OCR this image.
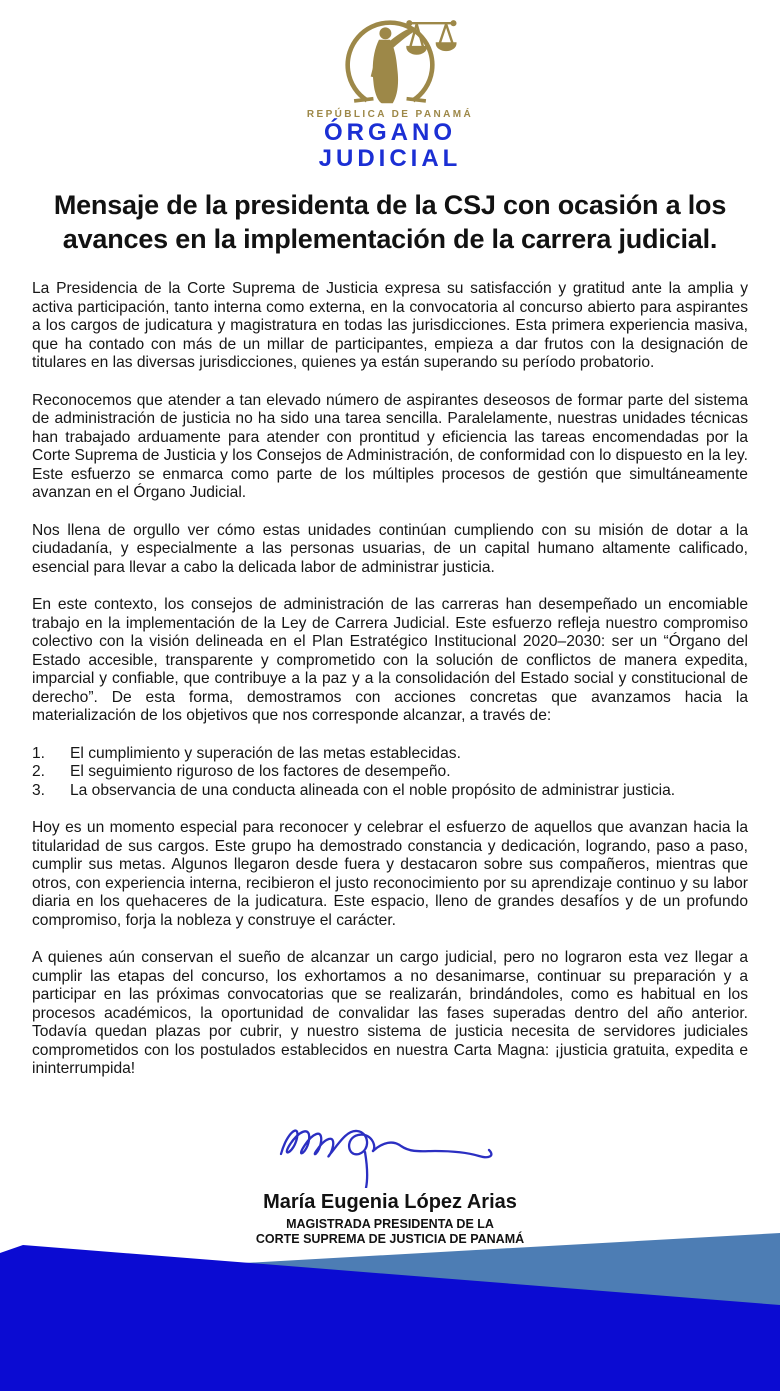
REPÚBLICA DE PANAMÁ
ÓRGANO
JUDICIAL
Mensaje de la presidenta de la CSJ con ocasión a los avances en la implementación de la carrera judicial.

La Presidencia de la Corte Suprema de Justicia expresa su satisfacción y gratitud ante la amplia y activa participación, tanto interna como externa, en la convocatoria al concurso abierto para aspirantes a los cargos de judicatura y magistratura en todas las jurisdicciones. Esta primera experiencia masiva, que ha contado con más de un millar de participantes, empieza a dar frutos con la designación de titulares en las diversas jurisdicciones, quienes ya están superando su período probatorio.

Reconocemos que atender a tan elevado número de aspirantes deseosos de formar parte del sistema de administración de justicia no ha sido una tarea sencilla. Paralelamente, nuestras unidades técnicas han trabajado arduamente para atender con prontitud y eficiencia las tareas encomendadas por la Corte Suprema de Justicia y los Consejos de Administración, de conformidad con lo dispuesto en la ley. Este esfuerzo se enmarca como parte de los múltiples procesos de gestión que simultáneamente avanzan en el Órgano Judicial.

Nos llena de orgullo ver cómo estas unidades continúan cumpliendo con su misión de dotar a la ciudadanía, y especialmente a las personas usuarias, de un capital humano altamente calificado, esencial para llevar a cabo la delicada labor de administrar justicia.

En este contexto, los consejos de administración de las carreras han desempeñado un encomiable trabajo en la implementación de la Ley de Carrera Judicial. Este esfuerzo refleja nuestro compromiso colectivo con la visión delineada en el Plan Estratégico Institucional 2020–2030: ser un “Órgano del Estado accesible, transparente y comprometido con la solución de conflictos de manera expedita, imparcial y confiable, que contribuye a la paz y a la consolidación del Estado social y constitucional de derecho”. De esta forma, demostramos con acciones concretas que avanzamos hacia la materialización de los objetivos que nos corresponde alcanzar, a través de:

1.	El cumplimiento y superación de las metas establecidas.
2.	El seguimiento riguroso de los factores de desempeño.
3.	La observancia de una conducta alineada con el noble propósito de administrar justicia.

Hoy es un momento especial para reconocer y celebrar el esfuerzo de aquellos que avanzan hacia la titularidad de sus cargos. Este grupo ha demostrado constancia y dedicación, logrando, paso a paso, cumplir sus metas. Algunos llegaron desde fuera y destacaron sobre sus compañeros, mientras que otros, con experiencia interna, recibieron el justo reconocimiento por su aprendizaje continuo y su labor diaria en los quehaceres de la judicatura. Este espacio, lleno de grandes desafíos y de un profundo compromiso, forja la nobleza y construye el carácter.

A quienes aún conservan el sueño de alcanzar un cargo judicial, pero no lograron esta vez llegar a cumplir las etapas del concurso, los exhortamos a no desanimarse, continuar su preparación y a participar en las próximas convocatorias que se realizarán, brindándoles, como es habitual en los procesos académicos, la oportunidad de convalidar las fases superadas dentro del año anterior. Todavía quedan plazas por cubrir, y nuestro sistema de justicia necesita de servidores judiciales comprometidos con los postulados establecidos en nuestra Carta Magna: ¡justicia gratuita, expedita e ininterrumpida!

María Eugenia López Arias
MAGISTRADA PRESIDENTA DE LA
CORTE SUPREMA DE JUSTICIA DE PANAMÁ
